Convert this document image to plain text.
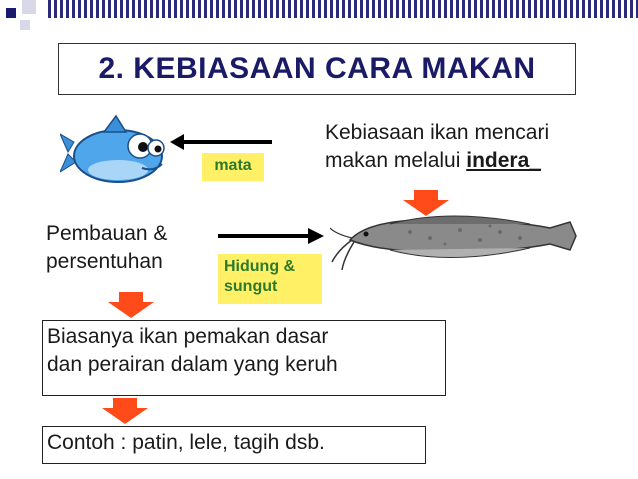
2. KEBIASAAN CARA MAKAN
mata
Kebiasaan ikan mencari
makan melalui indera_
Pembauan &
persentuhan	Hidung &
sungut
Biasanya ikan pemakan dasar
dan perairan dalam yang keruh
Contoh : patin, lele, tagih dsb.
